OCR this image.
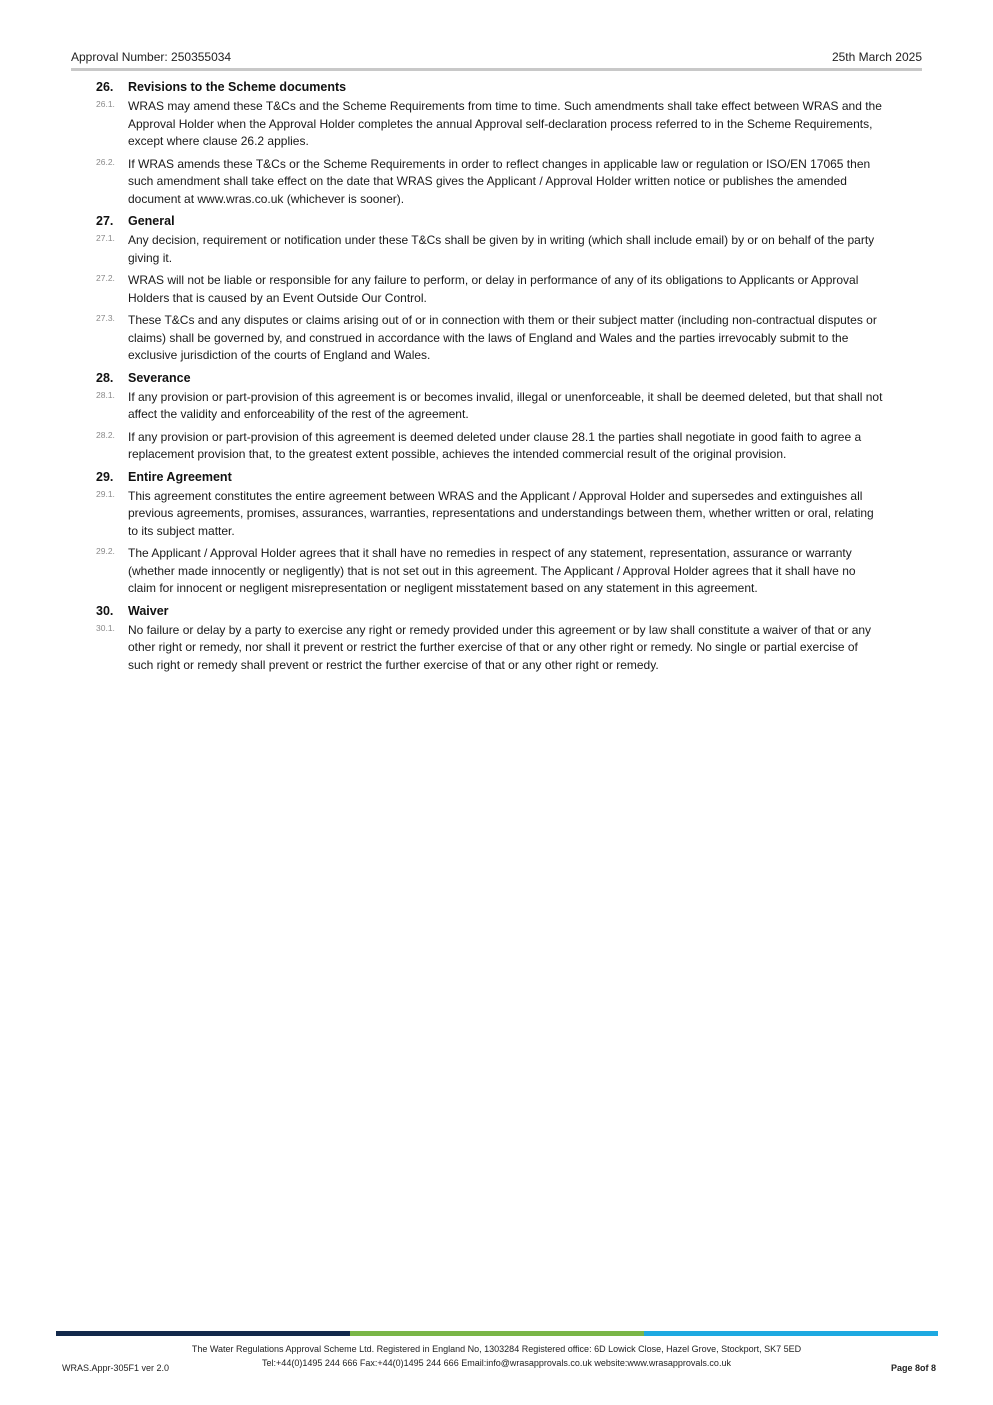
Approval Number: 250355034	25th March 2025
26.	Revisions to the Scheme documents
26.1.	WRAS may amend these T&Cs and the Scheme Requirements from time to time. Such amendments shall take effect between WRAS and the Approval Holder when the Approval Holder completes the annual Approval self-declaration process referred to in the Scheme Requirements, except where clause 26.2 applies.
26.2.	If WRAS amends these T&Cs or the Scheme Requirements in order to reflect changes in applicable law or regulation or ISO/EN 17065 then such amendment shall take effect on the date that WRAS gives the Applicant / Approval Holder written notice or publishes the amended document at www.wras.co.uk (whichever is sooner).
27.	General
27.1.	Any decision, requirement or notification under these T&Cs shall be given by in writing (which shall include email) by or on behalf of the party giving it.
27.2.	WRAS will not be liable or responsible for any failure to perform, or delay in performance of any of its obligations to Applicants or Approval Holders that is caused by an Event Outside Our Control.
27.3.	These T&Cs and any disputes or claims arising out of or in connection with them or their subject matter (including non-contractual disputes or claims) shall be governed by, and construed in accordance with the laws of England and Wales and the parties irrevocably submit to the exclusive jurisdiction of the courts of England and Wales.
28.	Severance
28.1.	If any provision or part-provision of this agreement is or becomes invalid, illegal or unenforceable, it shall be deemed deleted, but that shall not affect the validity and enforceability of the rest of the agreement.
28.2.	If any provision or part-provision of this agreement is deemed deleted under clause 28.1 the parties shall negotiate in good faith to agree a replacement provision that, to the greatest extent possible, achieves the intended commercial result of the original provision.
29.	Entire Agreement
29.1.	This agreement constitutes the entire agreement between WRAS and the Applicant / Approval Holder and supersedes and extinguishes all previous agreements, promises, assurances, warranties, representations and understandings between them, whether written or oral, relating to its subject matter.
29.2.	The Applicant / Approval Holder agrees that it shall have no remedies in respect of any statement, representation, assurance or warranty (whether made innocently or negligently) that is not set out in this agreement. The Applicant / Approval Holder agrees that it shall have no claim for innocent or negligent misrepresentation or negligent misstatement based on any statement in this agreement.
30.	Waiver
30.1.	No failure or delay by a party to exercise any right or remedy provided under this agreement or by law shall constitute a waiver of that or any other right or remedy, nor shall it prevent or restrict the further exercise of that or any other right or remedy. No single or partial exercise of such right or remedy shall prevent or restrict the further exercise of that or any other right or remedy.
The Water Regulations Approval Scheme Ltd. Registered in England No, 1303284 Registered office: 6D Lowick Close, Hazel Grove, Stockport, SK7 5ED
Tel:+44(0)1495 244 666 Fax:+44(0)1495 244 666 Email:info@wrasapprovals.co.uk website:www.wrasapprovals.co.uk
WRAS.Appr-305F1 ver 2.0	Page 8of 8
